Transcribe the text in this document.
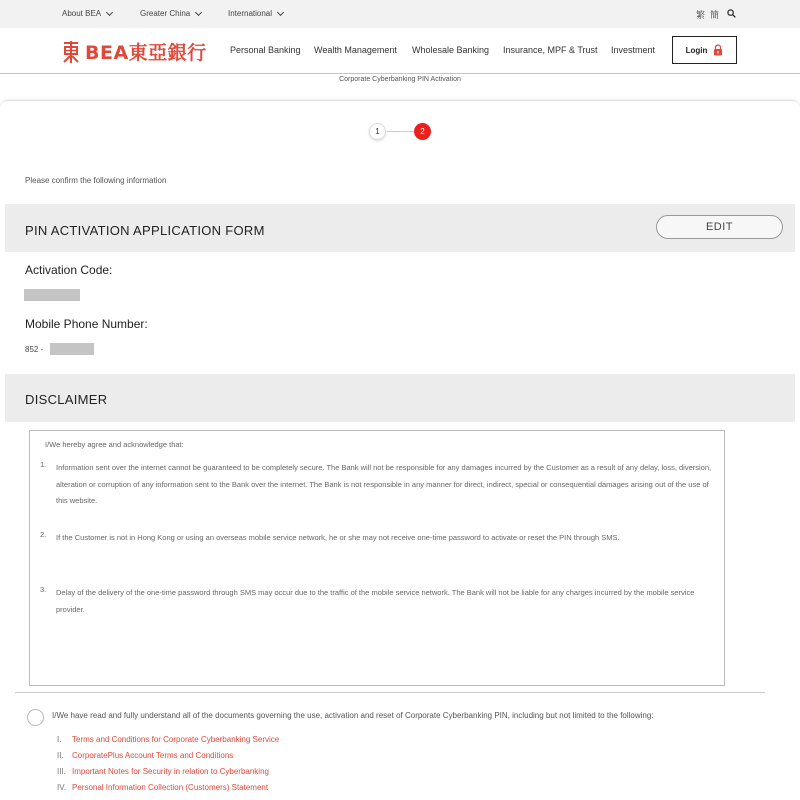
About BEA	Greater China	International	繁 簡
BEA東亞銀行	Personal Banking Wealth Management Wholesale Banking Insurance, MPF & Trust Investment	Login
Corporate Cyberbanking PIN Activation
1	2
Please confirm the following information
PIN ACTIVATION APPLICATION FORM	EDIT
Activation Code:
Mobile Phone Number:
852 -
DISCLAIMER
I/We hereby agree and acknowledge that:
1. Information sent over the internet cannot be guaranteed to be completely secure. The Bank will not be responsible for any damages incurred by the Customer as a result of any delay, loss, diversion, alteration or corruption of any information sent to the Bank over the internet. The Bank is not responsible in any manner for direct, indirect, special or consequential damages arising out of the use of this website.
2. If the Customer is not in Hong Kong or using an overseas mobile service network, he or she may not receive one-time password to activate or reset the PIN through SMS.
3. Delay of the delivery of the one-time password through SMS may occur due to the traffic of the mobile service network. The Bank will not be liable for any charges incurred by the mobile service provider.
I/We have read and fully understand all of the documents governing the use, activation and reset of Corporate Cyberbanking PIN, including but not limited to the following:
I. Terms and Conditions for Corporate Cyberbanking Service
II. CorporatePlus Account Terms and Conditions
III. Important Notes for Security in relation to Cyberbanking
IV. Personal Information Collection (Customers) Statement
